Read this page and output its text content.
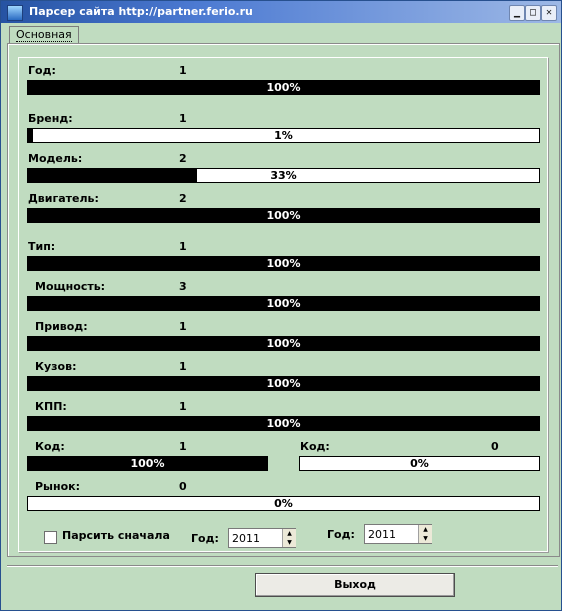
Парсер сайта http://partner.ferio.ru	▁ □ ✕
Основная
Год:	1
100%
Бренд:	1
1%
Модель:	2
33%
Двигатель:	2
100%
Тип:	1
100%
Мощность:	3
100%
Привод:	1
100%
Кузов:	1
100%
КПП:	1
100%
Код:	1
100%
Код:	0
0%
Рынок:	0
0%
Парсить сначала Год: 2011	▲
▼
Год: 2011	▲
▼
Выход
